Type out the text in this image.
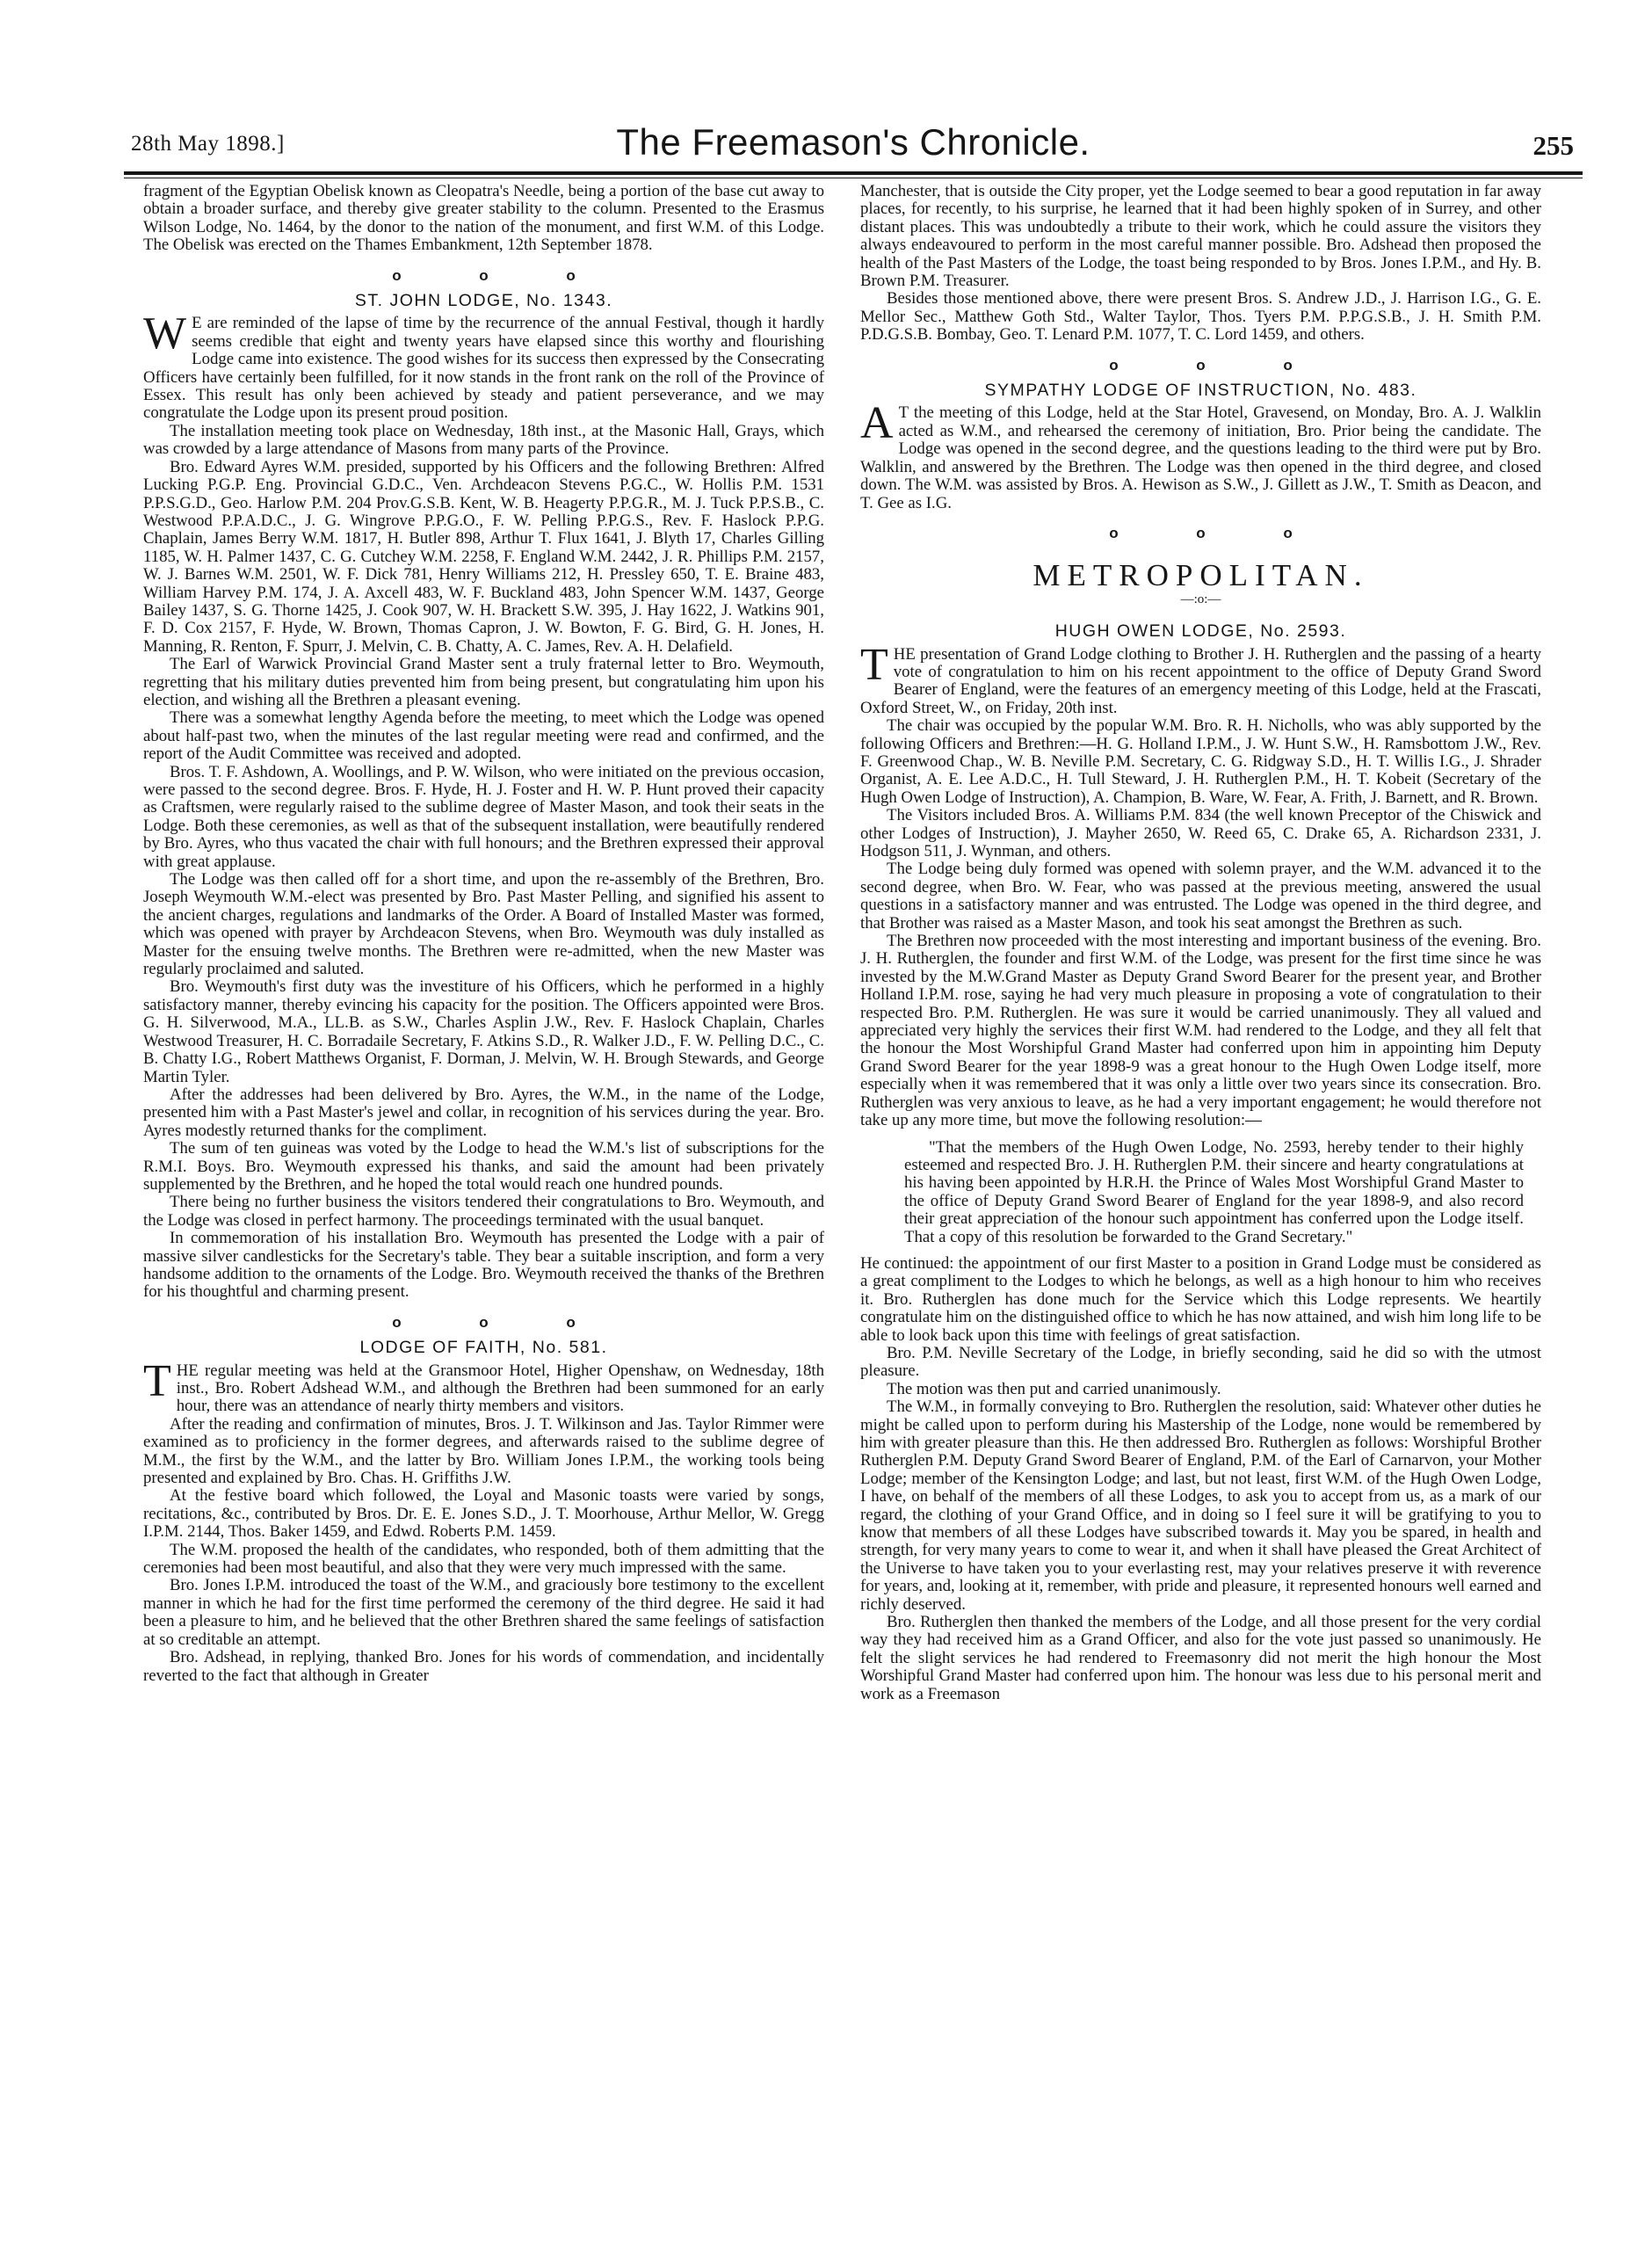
28th May 1898.]	The Freemason's Chronicle.	255

fragment of the Egyptian Obelisk known as Cleopatra's Needle, being a portion of the base cut away to obtain a broader surface, and thereby give greater stability to the column. Presented to the Erasmus Wilson Lodge, No. 1464, by the donor to the nation of the monument, and first W.M. of this Lodge. The Obelisk was erected on the Thames Embankment, 12th September 1878.

o o o
ST. JOHN LODGE, No. 1343.

W E are reminded of the lapse of time by the recurrence of the annual Festival, though it hardly seems credible that eight and twenty years have elapsed since this worthy and flourishing Lodge came into existence. The good wishes for its success then expressed by the Consecrating Officers have certainly been fulfilled, for it now stands in the front rank on the roll of the Province of Essex. This result has only been achieved by steady and patient perseverance, and we may congratulate the Lodge upon its present proud position.

The installation meeting took place on Wednesday, 18th inst., at the Masonic Hall, Grays, which was crowded by a large attendance of Masons from many parts of the Province.

Bro. Edward Ayres W.M. presided, supported by his Officers and the following Brethren: Alfred Lucking P.G.P. Eng. Provincial G.D.C., Ven. Archdeacon Stevens P.G.C., W. Hollis P.M. 1531 P.P.S.G.D., Geo. Harlow P.M. 204 Prov.G.S.B. Kent, W. B. Heagerty P.P.G.R., M. J. Tuck P.P.S.B., C. Westwood P.P.A.D.C., J. G. Wingrove P.P.G.O., F. W. Pelling P.P.G.S., Rev. F. Haslock P.P.G. Chaplain, James Berry W.M. 1817, H. Butler 898, Arthur T. Flux 1641, J. Blyth 17, Charles Gilling 1185, W. H. Palmer 1437, C. G. Cutchey W.M. 2258, F. England W.M. 2442, J. R. Phillips P.M. 2157, W. J. Barnes W.M. 2501, W. F. Dick 781, Henry Williams 212, H. Pressley 650, T. E. Braine 483, William Harvey P.M. 174, J. A. Axcell 483, W. F. Buckland 483, John Spencer W.M. 1437, George Bailey 1437, S. G. Thorne 1425, J. Cook 907, W. H. Brackett S.W. 395, J. Hay 1622, J. Watkins 901, F. D. Cox 2157, F. Hyde, W. Brown, Thomas Capron, J. W. Bowton, F. G. Bird, G. H. Jones, H. Manning, R. Renton, F. Spurr, J. Melvin, C. B. Chatty, A. C. James, Rev. A. H. Delafield.

The Earl of Warwick Provincial Grand Master sent a truly fraternal letter to Bro. Weymouth, regretting that his military duties prevented him from being present, but congratulating him upon his election, and wishing all the Brethren a pleasant evening.

There was a somewhat lengthy Agenda before the meeting, to meet which the Lodge was opened about half-past two, when the minutes of the last regular meeting were read and confirmed, and the report of the Audit Committee was received and adopted.

Bros. T. F. Ashdown, A. Woollings, and P. W. Wilson, who were initiated on the previous occasion, were passed to the second degree. Bros. F. Hyde, H. J. Foster and H. W. P. Hunt proved their capacity as Craftsmen, were regularly raised to the sublime degree of Master Mason, and took their seats in the Lodge. Both these ceremonies, as well as that of the subsequent installation, were beautifully rendered by Bro. Ayres, who thus vacated the chair with full honours; and the Brethren expressed their approval with great applause.

The Lodge was then called off for a short time, and upon the re-assembly of the Brethren, Bro. Joseph Weymouth W.M.-elect was presented by Bro. Past Master Pelling, and signified his assent to the ancient charges, regulations and landmarks of the Order. A Board of Installed Master was formed, which was opened with prayer by Archdeacon Stevens, when Bro. Weymouth was duly installed as Master for the ensuing twelve months. The Brethren were re-admitted, when the new Master was regularly proclaimed and saluted.

Bro. Weymouth's first duty was the investiture of his Officers, which he performed in a highly satisfactory manner, thereby evincing his capacity for the position. The Officers appointed were Bros. G. H. Silverwood, M.A., LL.B. as S.W., Charles Asplin J.W., Rev. F. Haslock Chaplain, Charles Westwood Treasurer, H. C. Borradaile Secretary, F. Atkins S.D., R. Walker J.D., F. W. Pelling D.C., C. B. Chatty I.G., Robert Matthews Organist, F. Dorman, J. Melvin, W. H. Brough Stewards, and George Martin Tyler.

After the addresses had been delivered by Bro. Ayres, the W.M., in the name of the Lodge, presented him with a Past Master's jewel and collar, in recognition of his services during the year. Bro. Ayres modestly returned thanks for the compliment.

The sum of ten guineas was voted by the Lodge to head the W.M.'s list of subscriptions for the R.M.I. Boys. Bro. Weymouth expressed his thanks, and said the amount had been privately supplemented by the Brethren, and he hoped the total would reach one hundred pounds.

There being no further business the visitors tendered their congratulations to Bro. Weymouth, and the Lodge was closed in perfect harmony. The proceedings terminated with the usual banquet.

In commemoration of his installation Bro. Weymouth has presented the Lodge with a pair of massive silver candlesticks for the Secretary's table. They bear a suitable inscription, and form a very handsome addition to the ornaments of the Lodge. Bro. Weymouth received the thanks of the Brethren for his thoughtful and charming present.

o o o
LODGE OF FAITH, No. 581.

THE regular meeting was held at the Gransmoor Hotel, Higher Openshaw, on Wednesday, 18th inst., Bro. Robert Adshead W.M., and although the Brethren had been summoned for an early hour, there was an attendance of nearly thirty members and visitors.

After the reading and confirmation of minutes, Bros. J. T. Wilkinson and Jas. Taylor Rimmer were examined as to proficiency in the former degrees, and afterwards raised to the sublime degree of M.M., the first by the W.M., and the latter by Bro. William Jones I.P.M., the working tools being presented and explained by Bro. Chas. H. Griffiths J.W.

At the festive board which followed, the Loyal and Masonic toasts were varied by songs, recitations, &c., contributed by Bros. Dr. E. E. Jones S.D., J. T. Moorhouse, Arthur Mellor, W. Gregg I.P.M. 2144, Thos. Baker 1459, and Edwd. Roberts P.M. 1459.

The W.M. proposed the health of the candidates, who responded, both of them admitting that the ceremonies had been most beautiful, and also that they were very much impressed with the same.

Bro. Jones I.P.M. introduced the toast of the W.M., and graciously bore testimony to the excellent manner in which he had for the first time performed the ceremony of the third degree. He said it had been a pleasure to him, and he believed that the other Brethren shared the same feelings of satisfaction at so creditable an attempt.

Bro. Adshead, in replying, thanked Bro. Jones for his words of commendation, and incidentally reverted to the fact that although in Greater

Manchester, that is outside the City proper, yet the Lodge seemed to bear a good reputation in far away places, for recently, to his surprise, he learned that it had been highly spoken of in Surrey, and other distant places. This was undoubtedly a tribute to their work, which he could assure the visitors they always endeavoured to perform in the most careful manner possible. Bro. Adshead then proposed the health of the Past Masters of the Lodge, the toast being responded to by Bros. Jones I.P.M., and Hy. B. Brown P.M. Treasurer.

Besides those mentioned above, there were present Bros. S. Andrew J.D., J. Harrison I.G., G. E. Mellor Sec., Matthew Goth Std., Walter Taylor, Thos. Tyers P.M. P.P.G.S.B., J. H. Smith P.M. P.D.G.S.B. Bombay, Geo. T. Lenard P.M. 1077, T. C. Lord 1459, and others.

o o o
SYMPATHY LODGE OF INSTRUCTION, No. 483.

A T the meeting of this Lodge, held at the Star Hotel, Gravesend, on Monday, Bro. A. J. Walklin acted as W.M., and rehearsed the ceremony of initiation, Bro. Prior being the candidate. The Lodge was opened in the second degree, and the questions leading to the third were put by Bro. Walklin, and answered by the Brethren. The Lodge was then opened in the third degree, and closed down. The W.M. was assisted by Bros. A. Hewison as S.W., J. Gillett as J.W., T. Smith as Deacon, and T. Gee as I.G.

o o o
METROPOLITAN.
—:o:—
HUGH OWEN LODGE, No. 2593.

THE presentation of Grand Lodge clothing to Brother J. H. Rutherglen and the passing of a hearty vote of congratulation to him on his recent appointment to the office of Deputy Grand Sword Bearer of England, were the features of an emergency meeting of this Lodge, held at the Frascati, Oxford Street, W., on Friday, 20th inst.

The chair was occupied by the popular W.M. Bro. R. H. Nicholls, who was ably supported by the following Officers and Brethren:—H. G. Holland I.P.M., J. W. Hunt S.W., H. Ramsbottom J.W., Rev. F. Greenwood Chap., W. B. Neville P.M. Secretary, C. G. Ridgway S.D., H. T. Willis I.G., J. Shrader Organist, A. E. Lee A.D.C., H. Tull Steward, J. H. Rutherglen P.M., H. T. Kobeit (Secretary of the Hugh Owen Lodge of Instruction), A. Champion, B. Ware, W. Fear, A. Frith, J. Barnett, and R. Brown.

The Visitors included Bros. A. Williams P.M. 834 (the well known Preceptor of the Chiswick and other Lodges of Instruction), J. Mayher 2650, W. Reed 65, C. Drake 65, A. Richardson 2331, J. Hodgson 511, J. Wynman, and others.

The Lodge being duly formed was opened with solemn prayer, and the W.M. advanced it to the second degree, when Bro. W. Fear, who was passed at the previous meeting, answered the usual questions in a satisfactory manner and was entrusted. The Lodge was opened in the third degree, and that Brother was raised as a Master Mason, and took his seat amongst the Brethren as such.

The Brethren now proceeded with the most interesting and important business of the evening. Bro. J. H. Rutherglen, the founder and first W.M. of the Lodge, was present for the first time since he was invested by the M.W.Grand Master as Deputy Grand Sword Bearer for the present year, and Brother Holland I.P.M. rose, saying he had very much pleasure in proposing a vote of congratulation to their respected Bro. P.M. Rutherglen. He was sure it would be carried unanimously. They all valued and appreciated very highly the services their first W.M. had rendered to the Lodge, and they all felt that the honour the Most Worshipful Grand Master had conferred upon him in appointing him Deputy Grand Sword Bearer for the year 1898-9 was a great honour to the Hugh Owen Lodge itself, more especially when it was remembered that it was only a little over two years since its consecration. Bro. Rutherglen was very anxious to leave, as he had a very important engagement; he would therefore not take up any more time, but move the following resolution:—

"That the members of the Hugh Owen Lodge, No. 2593, hereby tender to their highly esteemed and respected Bro. J. H. Rutherglen P.M. their sincere and hearty congratulations at his having been appointed by H.R.H. the Prince of Wales Most Worshipful Grand Master to the office of Deputy Grand Sword Bearer of England for the year 1898-9, and also record their great appreciation of the honour such appointment has conferred upon the Lodge itself. That a copy of this resolution be forwarded to the Grand Secretary."

He continued: the appointment of our first Master to a position in Grand Lodge must be considered as a great compliment to the Lodges to which he belongs, as well as a high honour to him who receives it. Bro. Rutherglen has done much for the Service which this Lodge represents. We heartily congratulate him on the distinguished office to which he has now attained, and wish him long life to be able to look back upon this time with feelings of great satisfaction.

Bro. P.M. Neville Secretary of the Lodge, in briefly seconding, said he did so with the utmost pleasure.

The motion was then put and carried unanimously.

The W.M., in formally conveying to Bro. Rutherglen the resolution, said: Whatever other duties he might be called upon to perform during his Mastership of the Lodge, none would be remembered by him with greater pleasure than this. He then addressed Bro. Rutherglen as follows: Worshipful Brother Rutherglen P.M. Deputy Grand Sword Bearer of England, P.M. of the Earl of Carnarvon, your Mother Lodge; member of the Kensington Lodge; and last, but not least, first W.M. of the Hugh Owen Lodge, I have, on behalf of the members of all these Lodges, to ask you to accept from us, as a mark of our regard, the clothing of your Grand Office, and in doing so I feel sure it will be gratifying to you to know that members of all these Lodges have subscribed towards it. May you be spared, in health and strength, for very many years to come to wear it, and when it shall have pleased the Great Architect of the Universe to have taken you to your everlasting rest, may your relatives preserve it with reverence for years, and, looking at it, remember, with pride and pleasure, it represented honours well earned and richly deserved.

Bro. Rutherglen then thanked the members of the Lodge, and all those present for the very cordial way they had received him as a Grand Officer, and also for the vote just passed so unanimously. He felt the slight services he had rendered to Freemasonry did not merit the high honour the Most Worshipful Grand Master had conferred upon him. The honour was less due to his personal merit and work as a Freemason
